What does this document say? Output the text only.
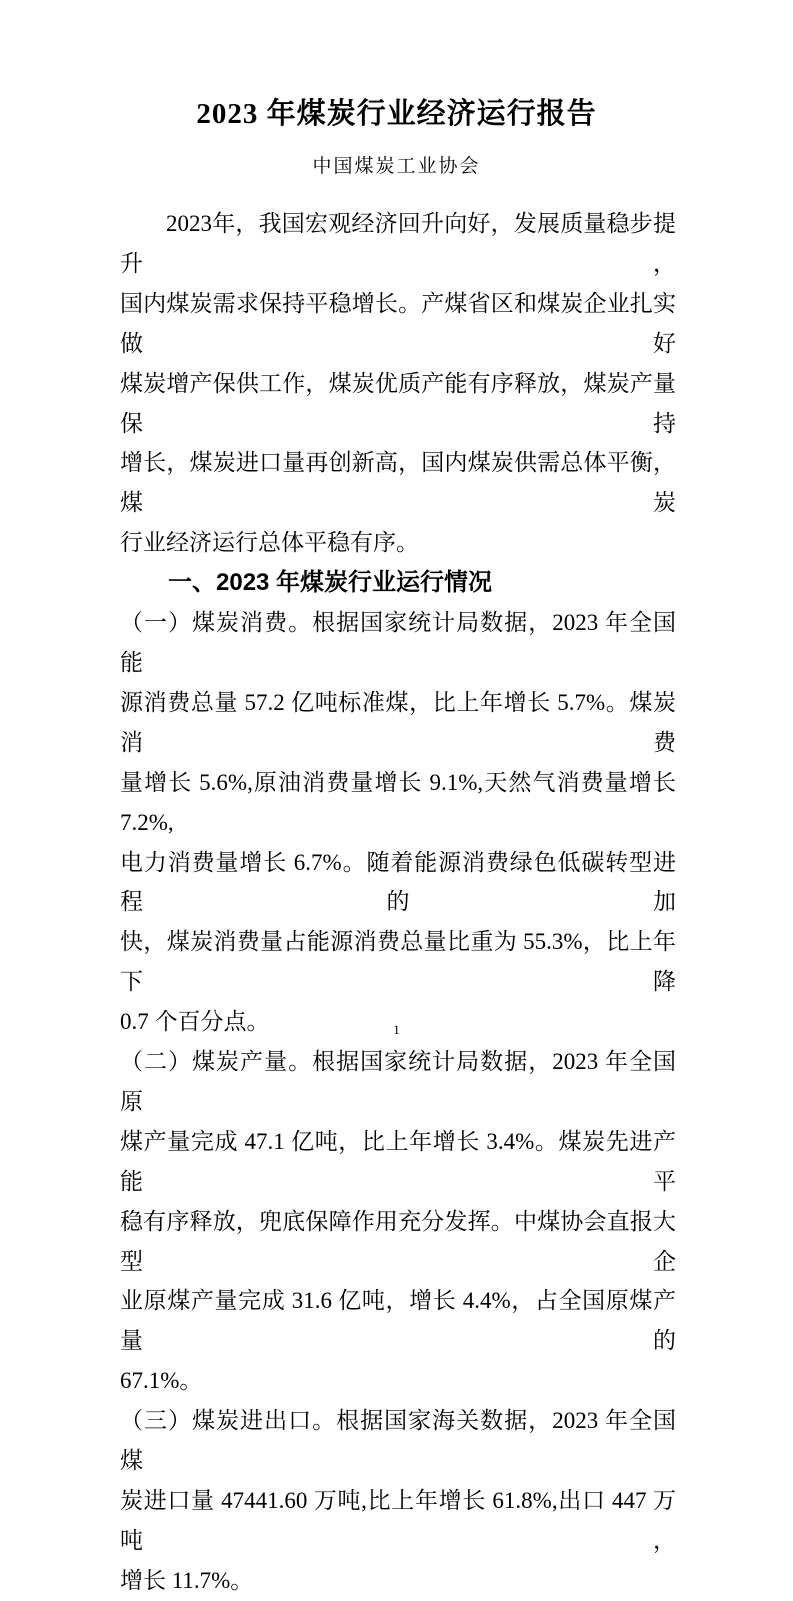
2023 年煤炭行业经济运行报告
中国煤炭工业协会
2023年，我国宏观经济回升向好，发展质量稳步提升，
国内煤炭需求保持平稳增长。产煤省区和煤炭企业扎实做好
煤炭增产保供工作，煤炭优质产能有序释放，煤炭产量保持
增长，煤炭进口量再创新高，国内煤炭供需总体平衡，煤炭
行业经济运行总体平稳有序。
一、2023 年煤炭行业运行情况
（一）煤炭消费。根据国家统计局数据，2023 年全国能
源消费总量 57.2 亿吨标准煤，比上年增长 5.7%。煤炭消费
量增长 5.6%,原油消费量增长 9.1%,天然气消费量增长 7.2%,
电力消费量增长 6.7%。随着能源消费绿色低碳转型进程的加
快，煤炭消费量占能源消费总量比重为 55.3%，比上年下降
0.7 个百分点。
（二）煤炭产量。根据国家统计局数据，2023 年全国原
煤产量完成 47.1 亿吨，比上年增长 3.4%。煤炭先进产能平
稳有序释放，兜底保障作用充分发挥。中煤协会直报大型企
业原煤产量完成 31.6 亿吨，增长 4.4%，占全国原煤产量的
67.1%。
（三）煤炭进出口。根据国家海关数据，2023 年全国煤
炭进口量 47441.60 万吨,比上年增长 61.8%,出口 447 万吨，
增长 11.7%。
1
